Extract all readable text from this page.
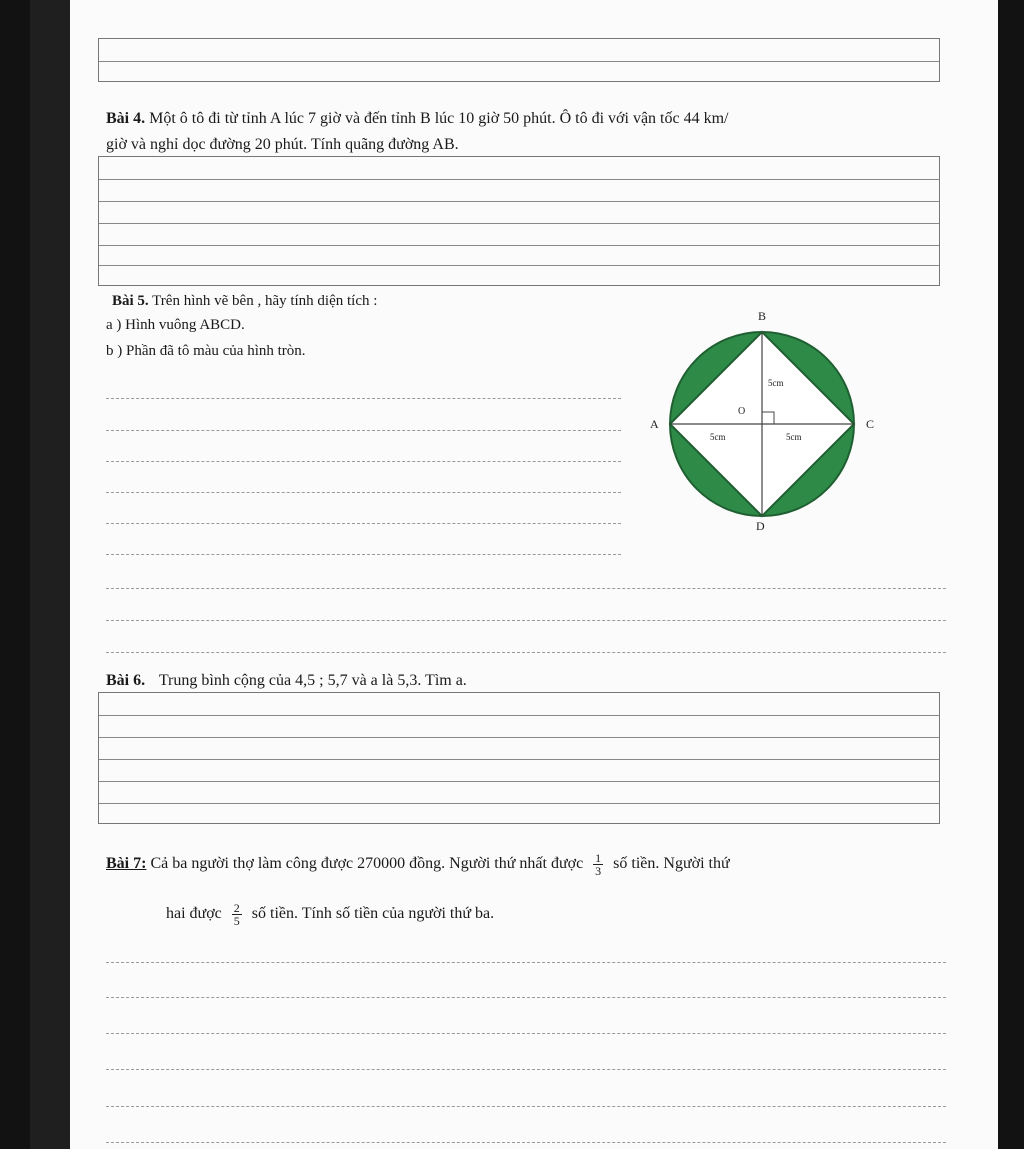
Bài 4. Một ô tô đi từ tỉnh A lúc 7 giờ và đến tỉnh B lúc 10 giờ 50 phút. Ô tô đi với vận tốc 44 km/
giờ và nghỉ dọc đường 20 phút. Tính quãng đường AB.
Bài 5. Trên hình vẽ bên , hãy tính diện tích :
a ) Hình vuông ABCD.
b ) Phần đã tô màu của hình tròn.
B
A	C
D
O
5cm
5cm	5cm
Bài 6. Trung bình cộng của 4,5 ; 5,7 và a là 5,3. Tìm a.
Bài 7: Cả ba người thợ làm công được 270000 đồng. Người thứ nhất được $\frac{1}{3}$ số tiền. Người thứ
hai được $\frac{2}{5}$ số tiền. Tính số tiền của người thứ ba.
